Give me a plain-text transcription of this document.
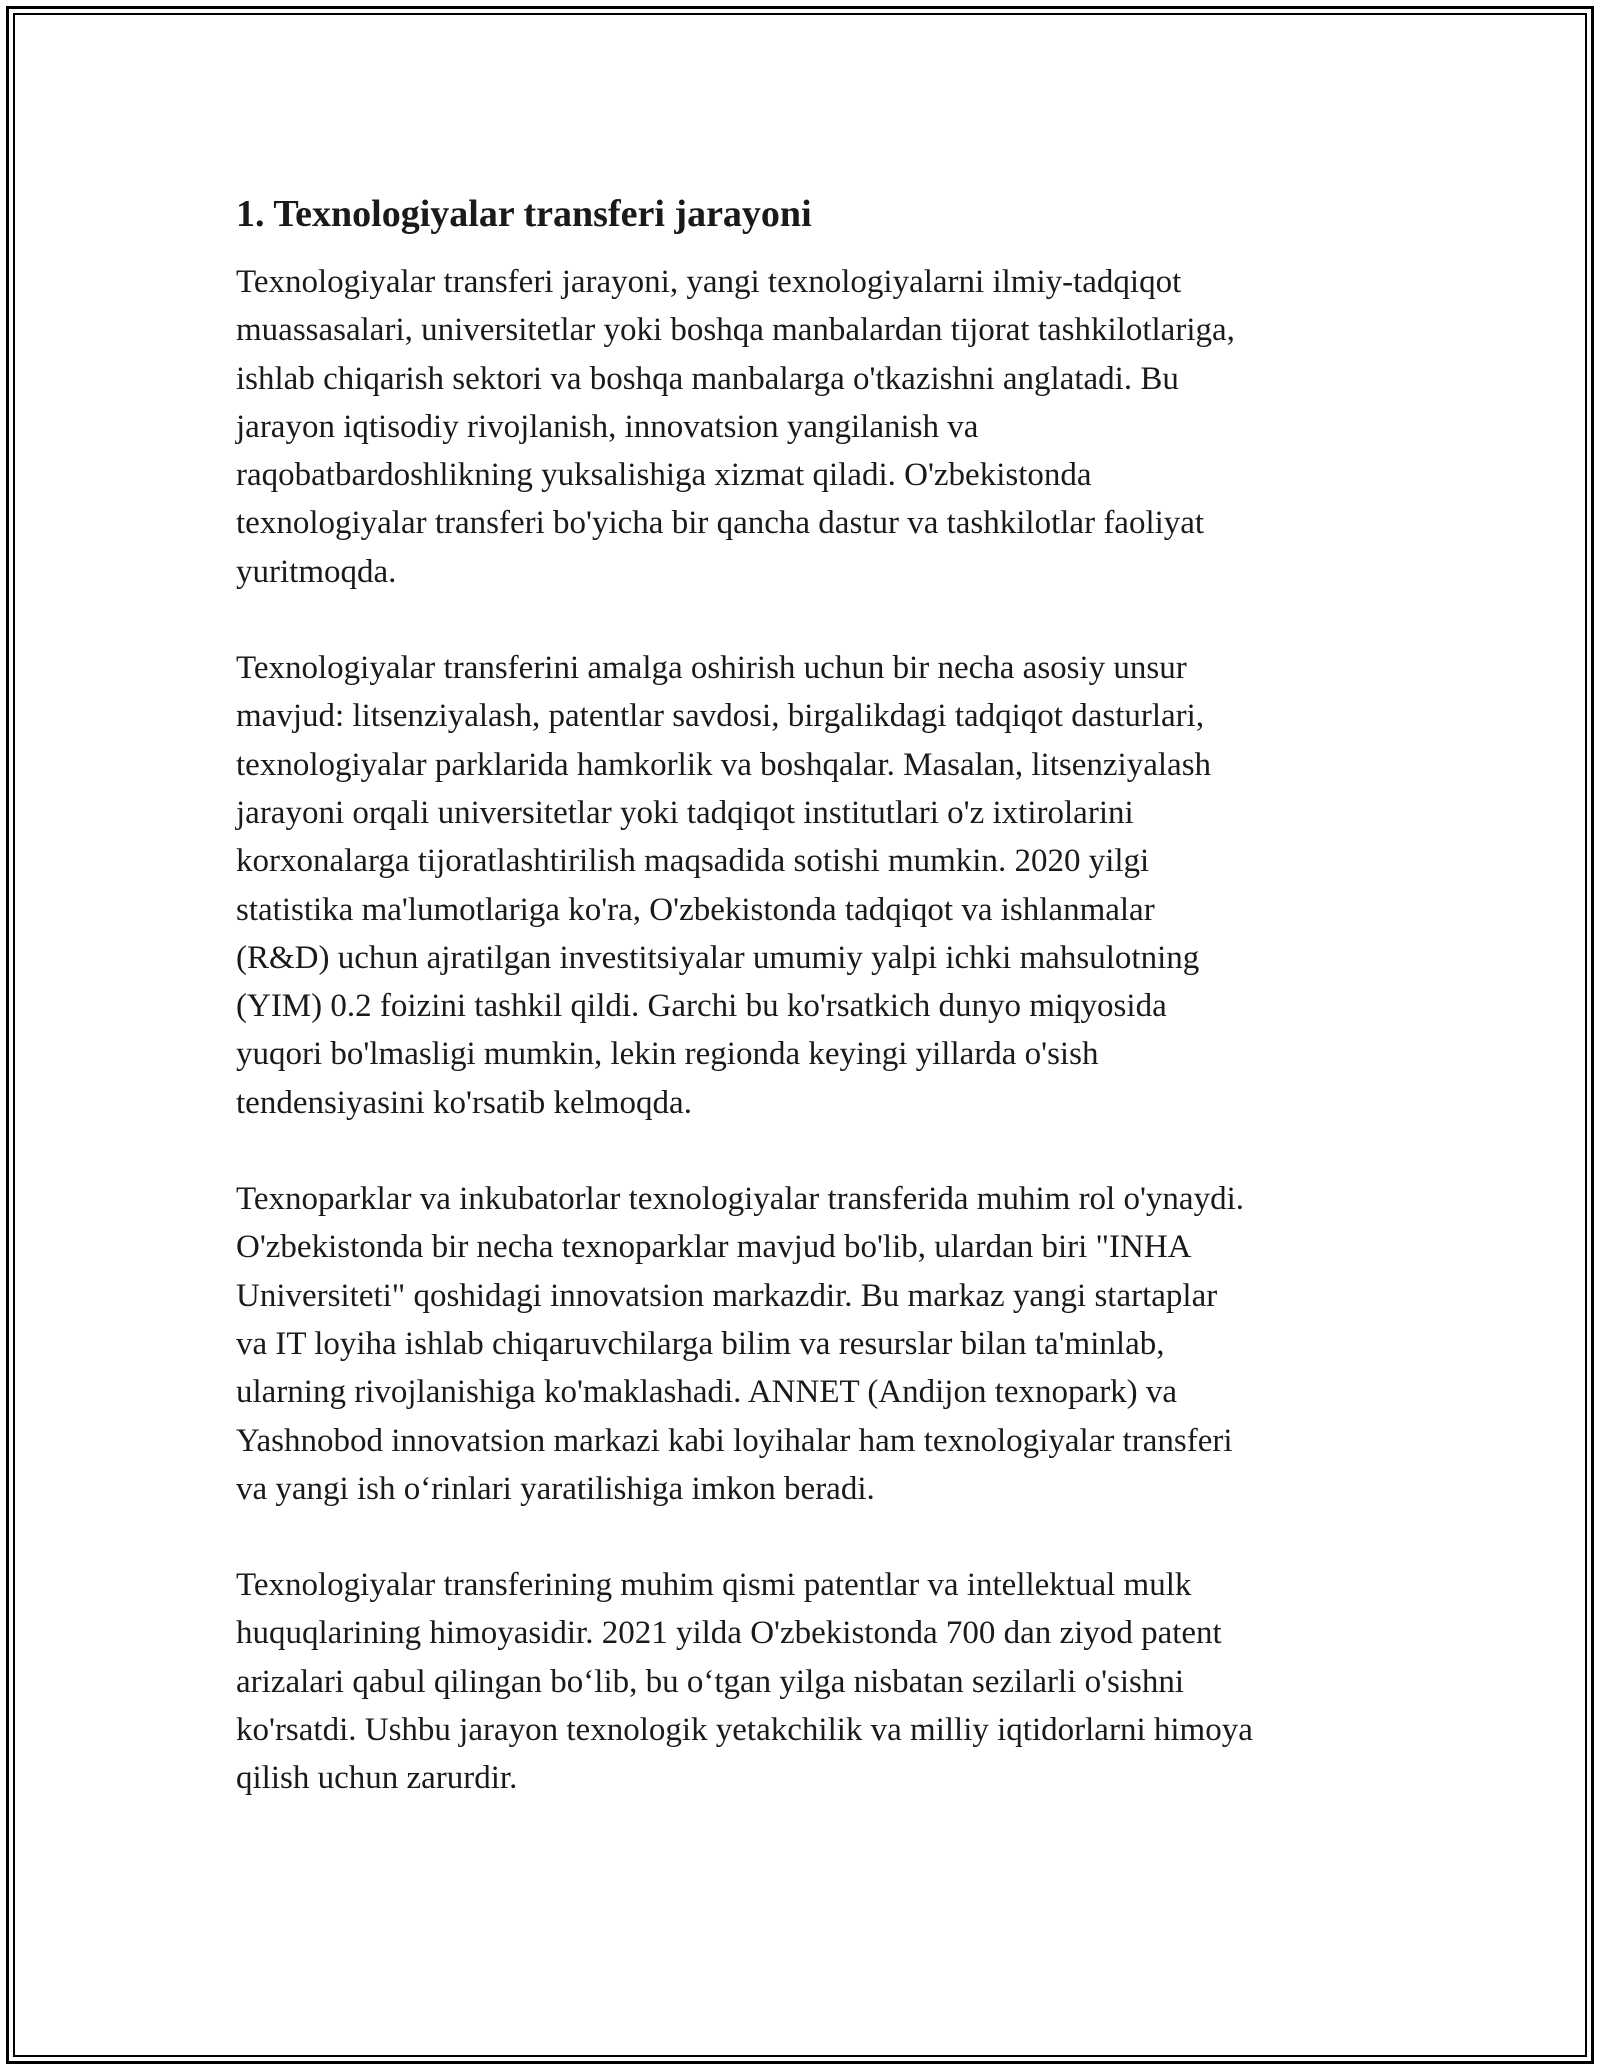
1. Texnologiyalar transferi jarayoni

Texnologiyalar transferi jarayoni, yangi texnologiyalarni ilmiy-tadqiqot
muassasalari, universitetlar yoki boshqa manbalardan tijorat tashkilotlariga,
ishlab chiqarish sektori va boshqa manbalarga o'tkazishni anglatadi. Bu
jarayon iqtisodiy rivojlanish, innovatsion yangilanish va
raqobatbardoshlikning yuksalishiga xizmat qiladi. O'zbekistonda
texnologiyalar transferi bo'yicha bir qancha dastur va tashkilotlar faoliyat
yuritmoqda.

Texnologiyalar transferini amalga oshirish uchun bir necha asosiy unsur
mavjud: litsenziyalash, patentlar savdosi, birgalikdagi tadqiqot dasturlari,
texnologiyalar parklarida hamkorlik va boshqalar. Masalan, litsenziyalash
jarayoni orqali universitetlar yoki tadqiqot institutlari o'z ixtirolarini
korxonalarga tijoratlashtirilish maqsadida sotishi mumkin. 2020 yilgi
statistika ma'lumotlariga ko'ra, O'zbekistonda tadqiqot va ishlanmalar
(R&D) uchun ajratilgan investitsiyalar umumiy yalpi ichki mahsulotning
(YIM) 0.2 foizini tashkil qildi. Garchi bu ko'rsatkich dunyo miqyosida
yuqori bo'lmasligi mumkin, lekin regionda keyingi yillarda o'sish
tendensiyasini ko'rsatib kelmoqda.

Texnoparklar va inkubatorlar texnologiyalar transferida muhim rol o'ynaydi.
O'zbekistonda bir necha texnoparklar mavjud bo'lib, ulardan biri "INHA
Universiteti" qoshidagi innovatsion markazdir. Bu markaz yangi startaplar
va IT loyiha ishlab chiqaruvchilarga bilim va resurslar bilan ta'minlab,
ularning rivojlanishiga ko'maklashadi. ANNET (Andijon texnopark) va
Yashnobod innovatsion markazi kabi loyihalar ham texnologiyalar transferi
va yangi ish o‘rinlari yaratilishiga imkon beradi.

Texnologiyalar transferining muhim qismi patentlar va intellektual mulk
huquqlarining himoyasidir. 2021 yilda O'zbekistonda 700 dan ziyod patent
arizalari qabul qilingan bo‘lib, bu o‘tgan yilga nisbatan sezilarli o'sishni
ko'rsatdi. Ushbu jarayon texnologik yetakchilik va milliy iqtidorlarni himoya
qilish uchun zarurdir.
